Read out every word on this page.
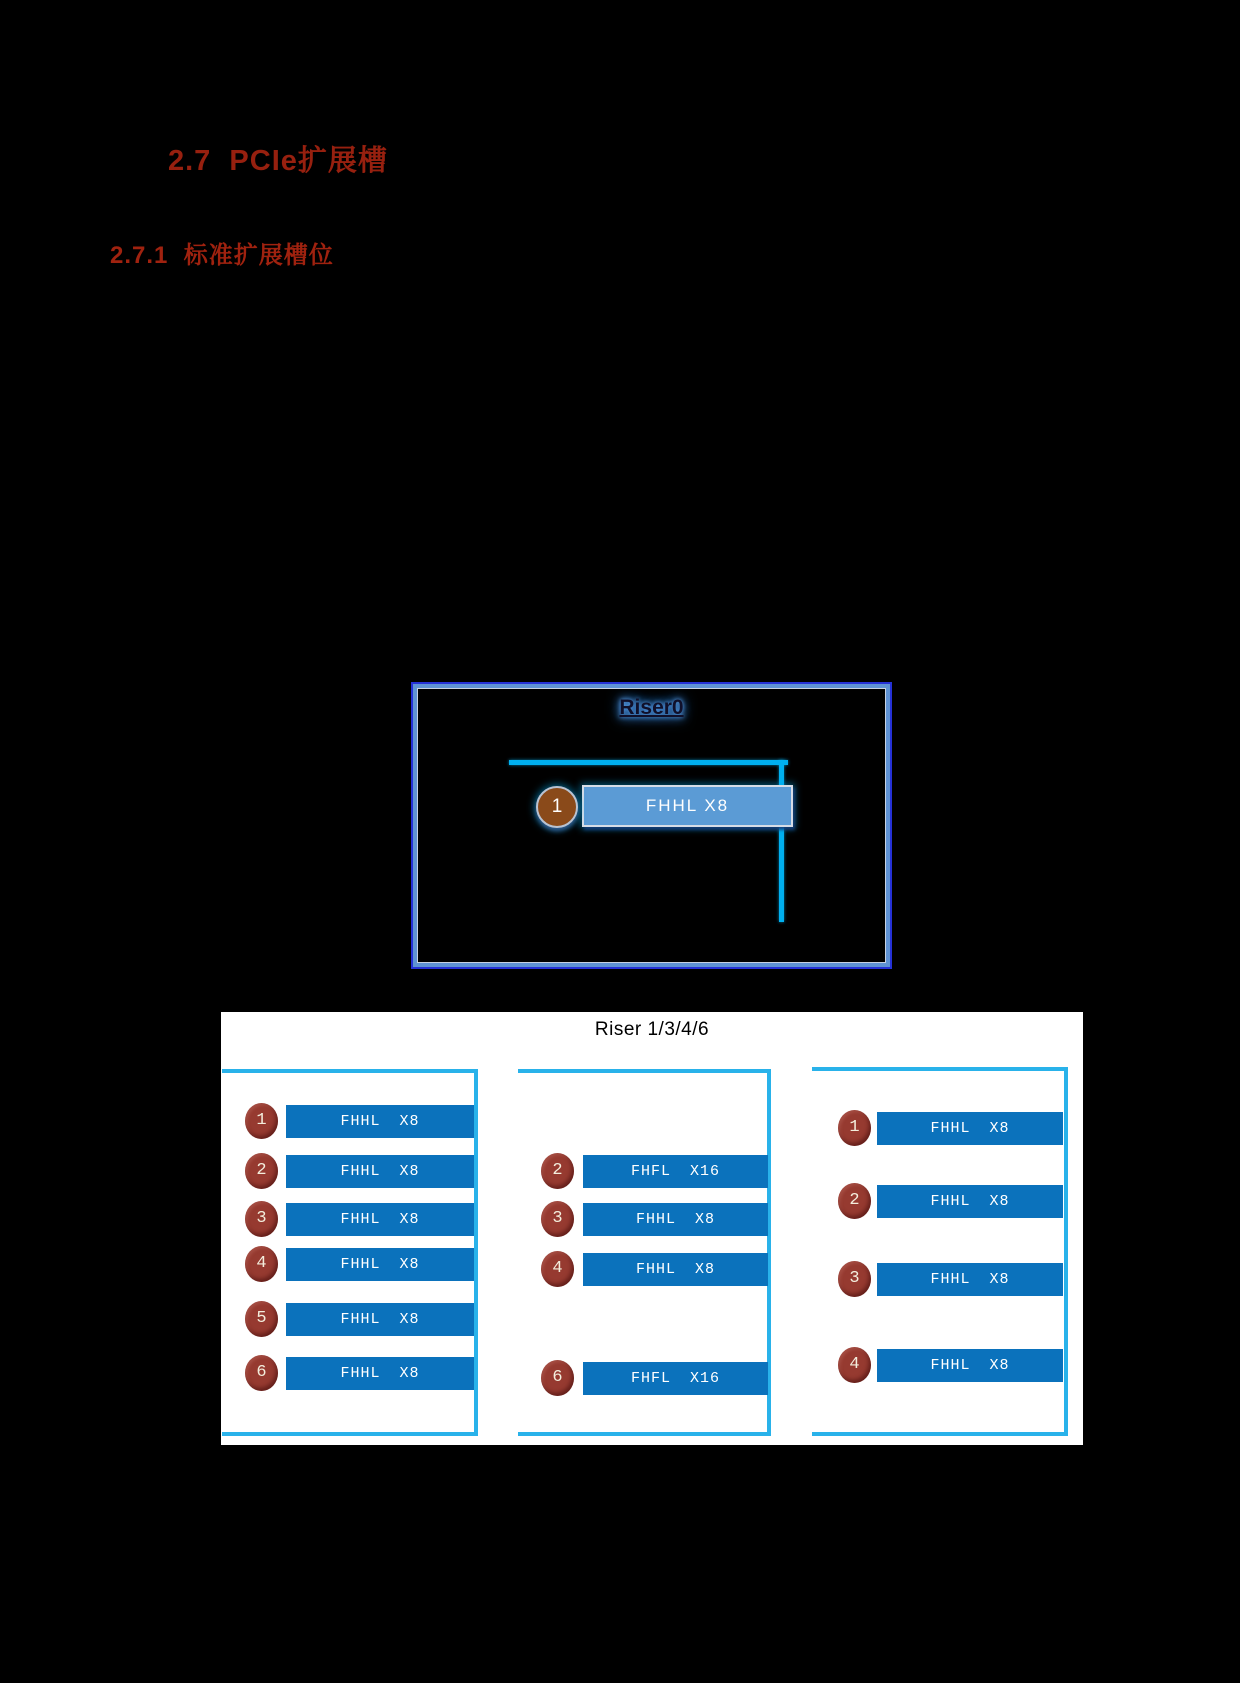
2.7  PCIe扩展槽
2.7.1  标准扩展槽位
Riser0
1	FHHL X8
Riser 1/3/4/6
1	FHHL X8
2	FHHL X8
3	FHHL X8
4	FHHL X8
5	FHHL X8
6	FHHL X8
2	FHFL X16
3	FHHL X8
4	FHHL X8
6	FHFL X16
1	FHHL X8
2	FHHL X8
3	FHHL X8
4	FHHL X8
